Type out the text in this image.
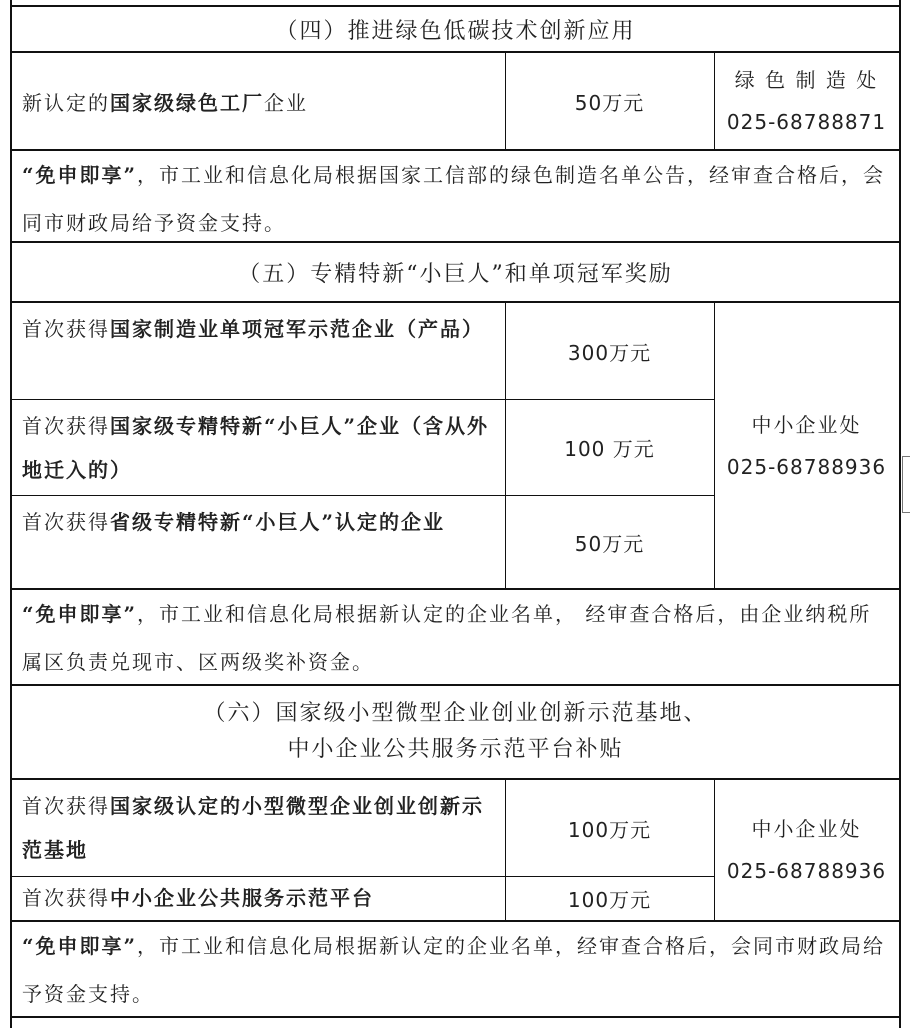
（四）推进绿色低碳技术创新应用
新认定的国家级绿色工厂企业	50万元
绿 色 制 造 处
025-68788871
“免申即享”，市工业和信息化局根据国家工信部的绿色制造名单公告，经审查合格后，会同市财政局给予资金支持。
（五）专精特新“小巨人”和单项冠军奖励
首次获得国家制造业单项冠军示范企业（产品）
300万元
首次获得国家级专精特新“小巨人”企业（含从外地迁入的）
100 万元
首次获得省级专精特新“小巨人”认定的企业
50万元
中小企业处
025-68788936
“免申即享”，市工业和信息化局根据新认定的企业名单， 经审查合格后，由企业纳税所属区负责兑现市、区两级奖补资金。
（六）国家级小型微型企业创业创新示范基地、
中小企业公共服务示范平台补贴
首次获得国家级认定的小型微型企业创业创新示范基地
100万元
首次获得中小企业公共服务示范平台	100万元
中小企业处
025-68788936
“免申即享”，市工业和信息化局根据新认定的企业名单，经审查合格后，会同市财政局给予资金支持。
